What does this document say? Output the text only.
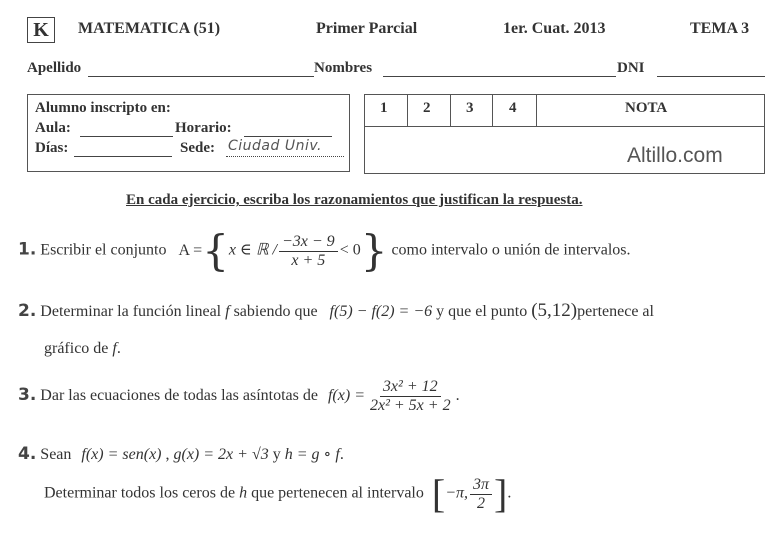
K	MATEMATICA (51)	Primer Parcial	1er. Cuat. 2013	TEMA 3
Apellido	Nombres	DNI
Alumno inscripto en:
Aula:	Horario:
Días:	Sede: Ciudad Univ.
1 2 3 4	NOTA
Altillo.com
En cada ejercicio, escriba los razonamientos que justifican la respuesta.
1. Escribir el conjunto A ={x ∈ ℝ / $\frac{-3x - 9}{x + 5} < 0$} como intervalo o unión de intervalos.
2. Determinar la función lineal f sabiendo que f(5) − f(2) = −6 y que el punto (5,12)pertenece al
gráfico de f.
3. Dar las ecuaciones de todas las asíntotas de $f(x) = \frac{\text{3x² + 12}}{\text{2x² + 5x + 2}}$ .
4. Sean f(x) = sen(x) , g(x) = 2x + √3 y h = g ∘ f.
Determinar todos los ceros de h que pertenecen al intervalo [−π, $\frac{3\pi}{2}$ ].
